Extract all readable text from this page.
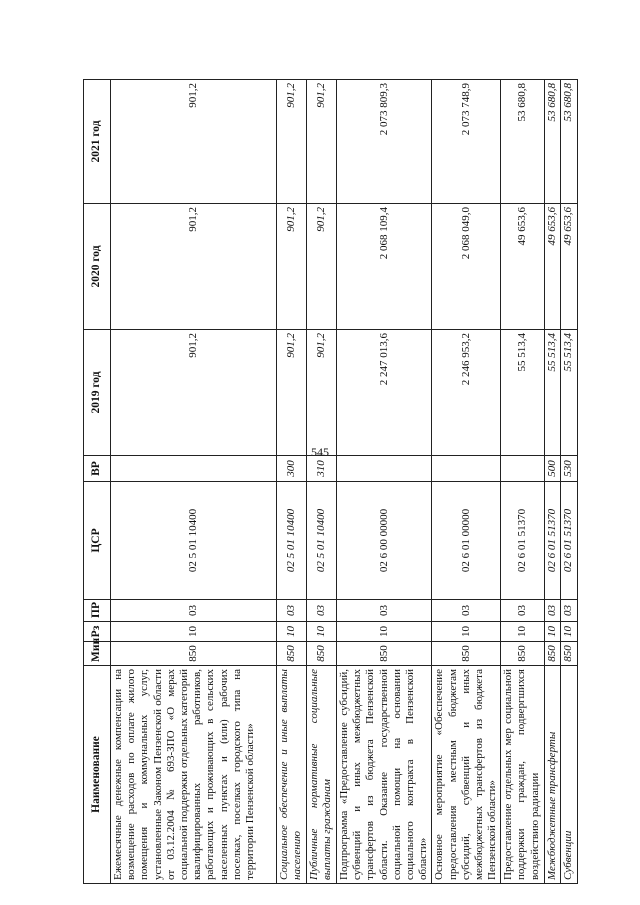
545
Наименование	Мин	Рз	ПР	ЦСР	ВР	2019 год	2020 год	2021 год
Ежемесячные денежные компенсации на возмещение расходов по оплате жилого помещения и коммунальных услуг, установленные Законом Пензенской области от 03.12.2004 № 693-ЗПО «О мерах социальной поддержки отдельных категорий квалифицированных работников, работающих и проживающих в сельских населенных пунктах и (или) рабочих поселках, поселках городского типа на территории Пензенской области»	850	10	03	02 5 01 10400		901,2	901,2	901,2
Социальное обеспечение и иные выплаты населению	850	10	03	02 5 01 10400	300	901,2	901,2	901,2
Публичные нормативные социальные выплаты гражданам	850	10	03	02 5 01 10400	310	901,2	901,2	901,2
Подпрограмма «Предоставление субсидий, субвенций и иных межбюджетных трансфертов из бюджета Пензенской области. Оказание государственной социальной помощи на основании социального контракта в Пензенской области»	850	10	03	02 6 00 00000		2 247 013,6	2 068 109,4	2 073 809,3
Основное мероприятие «Обеспечение предоставления местным бюджетам субсидий, субвенций и иных межбюджетных трансфертов из бюджета Пензенской области»	850	10	03	02 6 01 00000		2 246 953,2	2 068 049,0	2 073 748,9
Предоставление отдельных мер социальной поддержки граждан, подвергшихся воздействию радиации	850	10	03	02 6 01 51370		55 513,4	49 653,6	53 680,8
Межбюджетные трансферты	850	10	03	02 6 01 51370	500	55 513,4	49 653,6	53 680,8
Субвенции	850	10	03	02 6 01 51370	530	55 513,4	49 653,6	53 680,8
